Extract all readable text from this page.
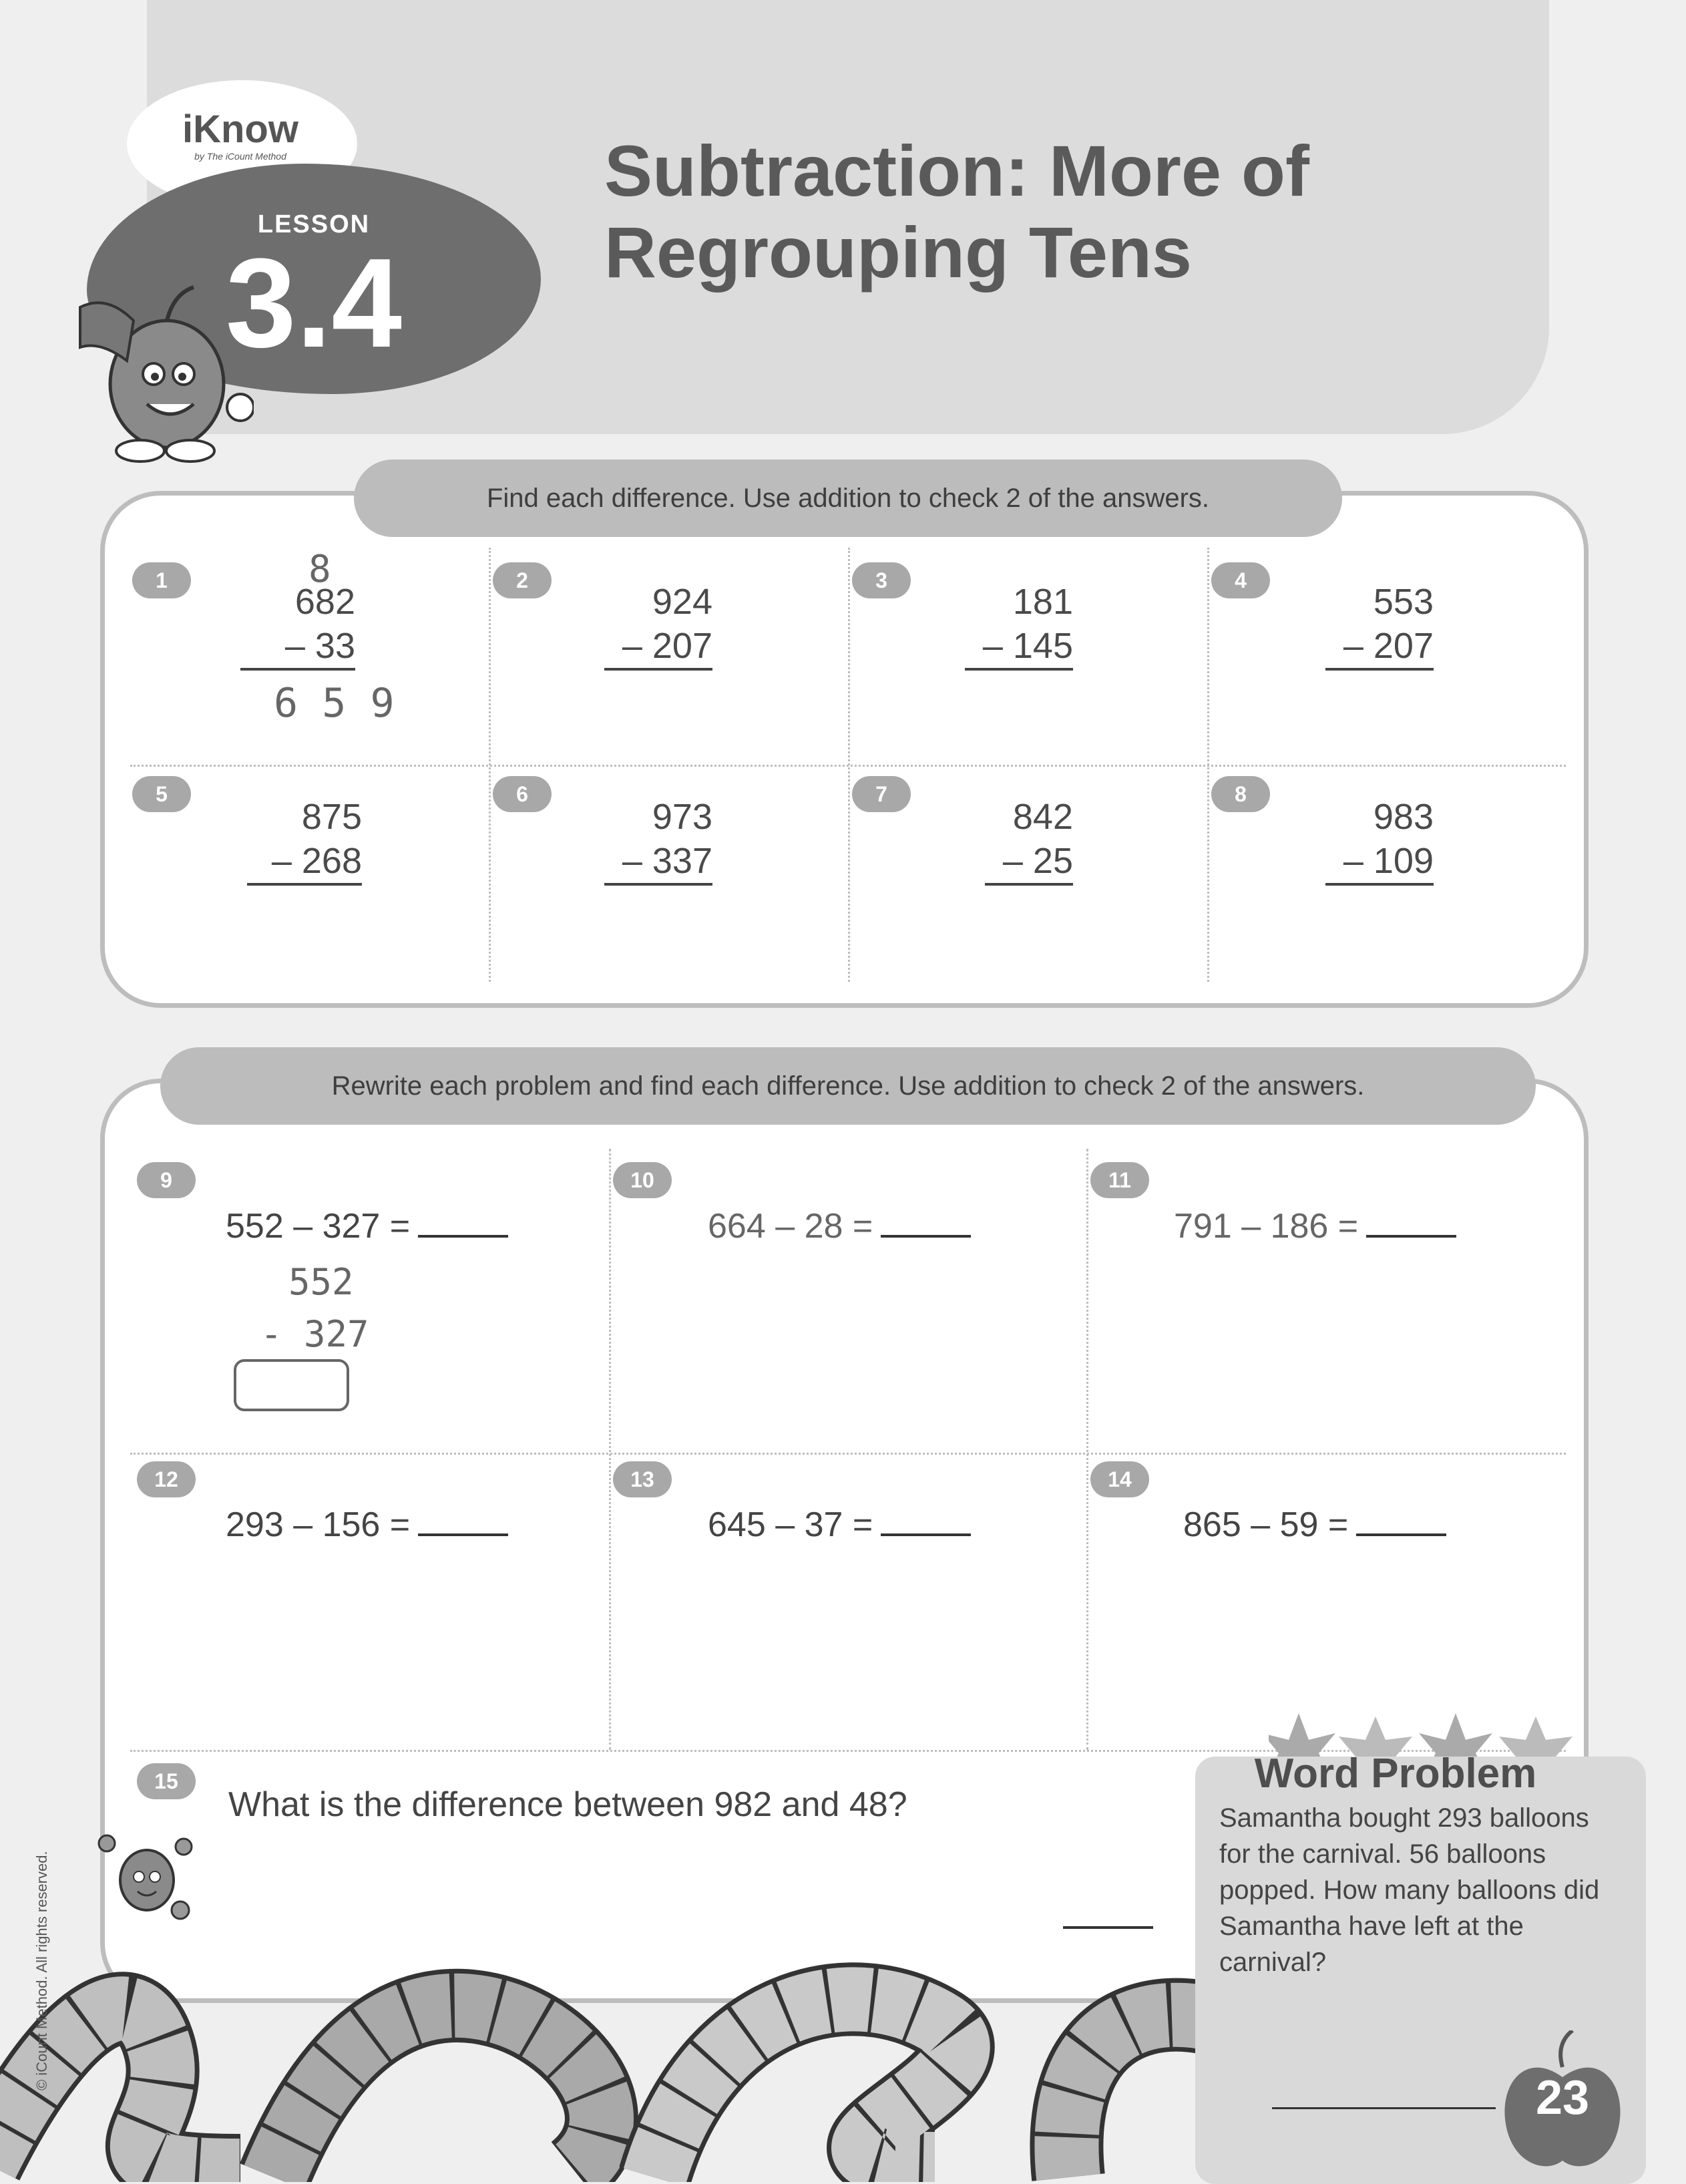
iKnow
by The iCount Method
LESSON
3.4
Subtraction: More of
Regrouping Tens
Find each difference. Use addition to check 2 of the answers.
1	8
682
– 33
6 5 9
2
924
– 207
3
181
– 145
4
553
– 207
5
875
– 268
6
973
– 337
7
842
– 25
8
983
– 109
Rewrite each problem and find each difference. Use addition to check 2 of the answers.
9
552 – 327 =
552
- 327
10
664 – 28 =
11
791 – 186 =
12
293 – 156 =
13
645 – 37 =
14
865 – 59 =
15
What is the difference between 982 and 48?
Word Problem
Samantha bought 293 balloons for the carnival. 56 balloons popped. How many balloons did Samantha have left at the carnival?
23
© iCount Method. All rights reserved.
